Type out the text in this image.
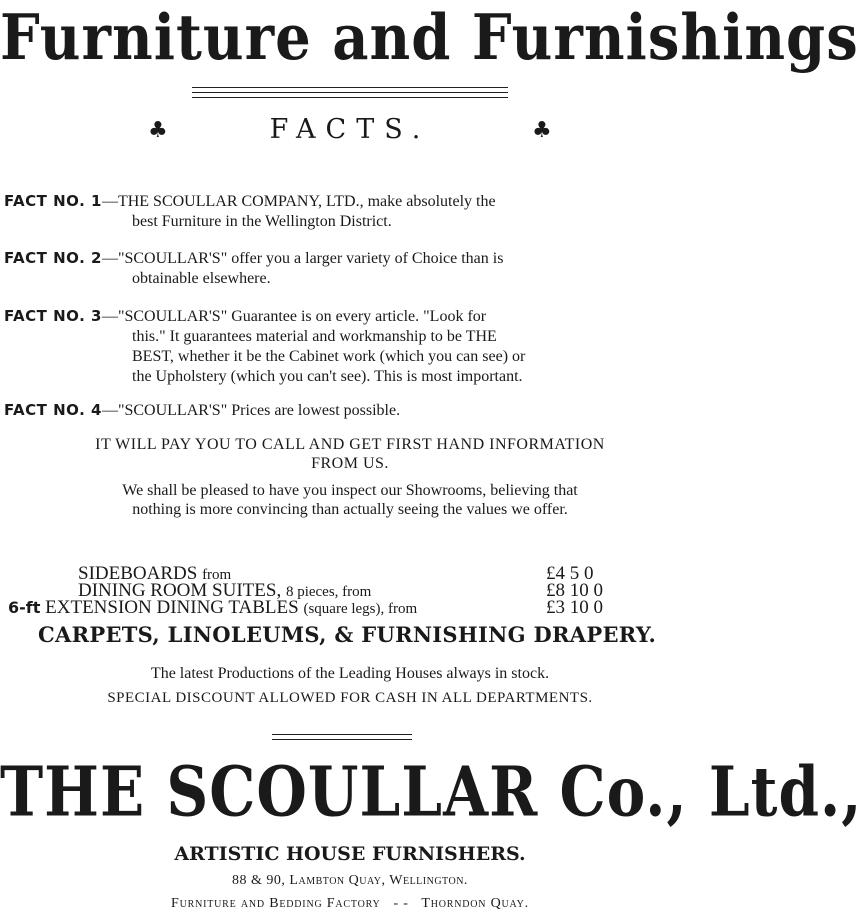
Furniture and Furnishings
♣	FACTS.	♣
FACT NO. 1—THE SCOULLAR COMPANY, LTD., make absolutely the
best Furniture in the Wellington District.
FACT NO. 2—"SCOULLAR'S" offer you a larger variety of Choice than is
obtainable elsewhere.
FACT NO. 3—"SCOULLAR'S" Guarantee is on every article. "Look for
this." It guarantees material and workmanship to be THE
BEST, whether it be the Cabinet work (which you can see) or
the Upholstery (which you can't see). This is most important.
FACT NO. 4—"SCOULLAR'S" Prices are lowest possible.
IT WILL PAY YOU TO CALL AND GET FIRST HAND INFORMATION
FROM US.
We shall be pleased to have you inspect our Showrooms, believing that
nothing is more convincing than actually seeing the values we offer.
SIDEBOARDS from	£4 5 0
DINING ROOM SUITES, 8 pieces, from	£8 10 0
6-ft EXTENSION DINING TABLES (square legs), from	£3 10 0
CARPETS, LINOLEUMS, & FURNISHING DRAPERY.
The latest Productions of the Leading Houses always in stock.
SPECIAL DISCOUNT ALLOWED FOR CASH IN ALL DEPARTMENTS.
THE SCOULLAR Co., Ltd.,
ARTISTIC HOUSE FURNISHERS.
88 & 90, Lambton Quay, Wellington.
Furniture and Bedding Factory - - Thorndon Quay.
